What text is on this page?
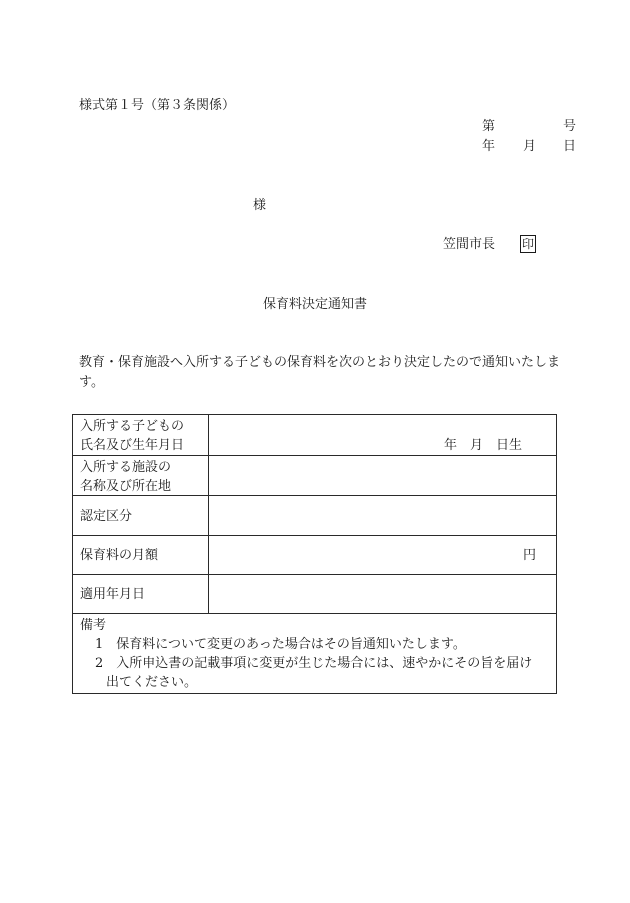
様式第１号（第３条関係）
第	号
年 月 日
様
笠間市長 印
保育料決定通知書
教育・保育施設へ入所する子どもの保育料を次のとおり決定したので通知いたします。
入所する子どもの
氏名及び生年月日	年　月　日生
入所する施設の
名称及び所在地
認定区分
保育料の月額	円
適用年月日
備考
1　保育料について変更のあった場合はその旨通知いたします。
2　入所申込書の記載事項に変更が生じた場合には、速やかにその旨を届け
出てください。
